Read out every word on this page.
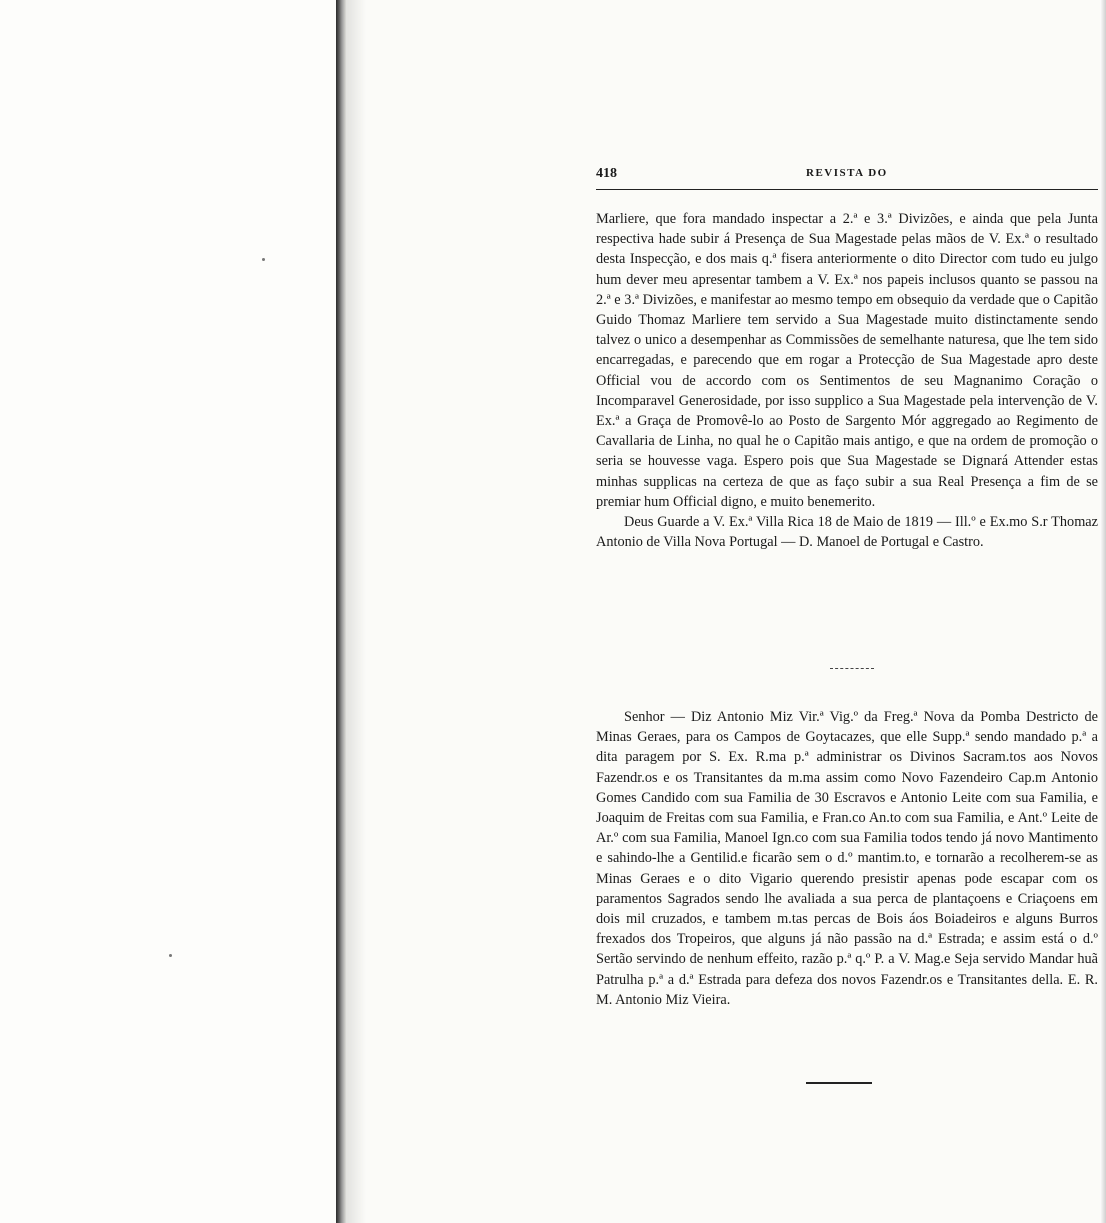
418	REVISTA DO

Marliere, que fora mandado inspectar a 2.ª e 3.ª Divizões, e ainda que pela Junta respectiva hade subir á Presença de Sua Magestade pelas mãos de V. Ex.ª o resultado desta Inspecção, e dos mais q.ª fisera anteriormente o dito Director com tudo eu julgo hum dever meu apresentar tambem a V. Ex.ª nos papeis inclusos quanto se passou na 2.ª e 3.ª Divizões, e manifestar ao mesmo tempo em obsequio da verdade que o Capitão Guido Thomaz Marliere tem servido a Sua Magestade muito distinctamente sendo talvez o unico a desempenhar as Commissões de semelhante naturesa, que lhe tem sido encarregadas, e parecendo que em rogar a Protecção de Sua Magestade apro deste Official vou de accordo com os Sentimentos de seu Magnanimo Coração o Incomparavel Generosidade, por isso supplico a Sua Magestade pela intervenção de V. Ex.ª a Graça de Promovê-lo ao Posto de Sargento Mór aggregado ao Regimento de Cavallaria de Linha, no qual he o Capitão mais antigo, e que na ordem de promoção o seria se houvesse vaga. Espero pois que Sua Magestade se Dignará Attender estas minhas supplicas na certeza de que as faço subir a sua Real Presença a fim de se premiar hum Official digno, e muito benemerito.

Deus Guarde a V. Ex.ª Villa Rica 18 de Maio de 1819 — Ill.º e Ex.mo S.r Thomaz Antonio de Villa Nova Portugal — D. Manoel de Portugal e Castro.

Senhor — Diz Antonio Miz Vir.ª Vig.º da Freg.ª Nova da Pomba Destricto de Minas Geraes, para os Campos de Goytacazes, que elle Supp.ª sendo mandado p.ª a dita paragem por S. Ex. R.ma p.ª administrar os Divinos Sacram.tos aos Novos Fazendr.os e os Transitantes da m.ma assim como Novo Fazendeiro Cap.m Antonio Gomes Candido com sua Familia de 30 Escravos e Antonio Leite com sua Familia, e Joaquim de Freitas com sua Familia, e Fran.co An.to com sua Familia, e Ant.º Leite de Ar.º com sua Familia, Manoel Ign.co com sua Familia todos tendo já novo Mantimento e sahindo-lhe a Gentilid.e ficarão sem o d.º mantim.to, e tornarão a recolherem-se as Minas Geraes e o dito Vigario querendo presistir apenas pode escapar com os paramentos Sagrados sendo lhe avaliada a sua perca de plantaçoens e Criaçoens em dois mil cruzados, e tambem m.tas percas de Bois áos Boiadeiros e alguns Burros frexados dos Tropeiros, que alguns já não passão na d.ª Estrada; e assim está o d.º Sertão servindo de nenhum effeito, razão p.ª q.º P. a V. Mag.e Seja servido Mandar huã Patrulha p.ª a d.ª Estrada para defeza dos novos Fazendr.os e Transitantes della. E. R. M. Antonio Miz Vieira.
